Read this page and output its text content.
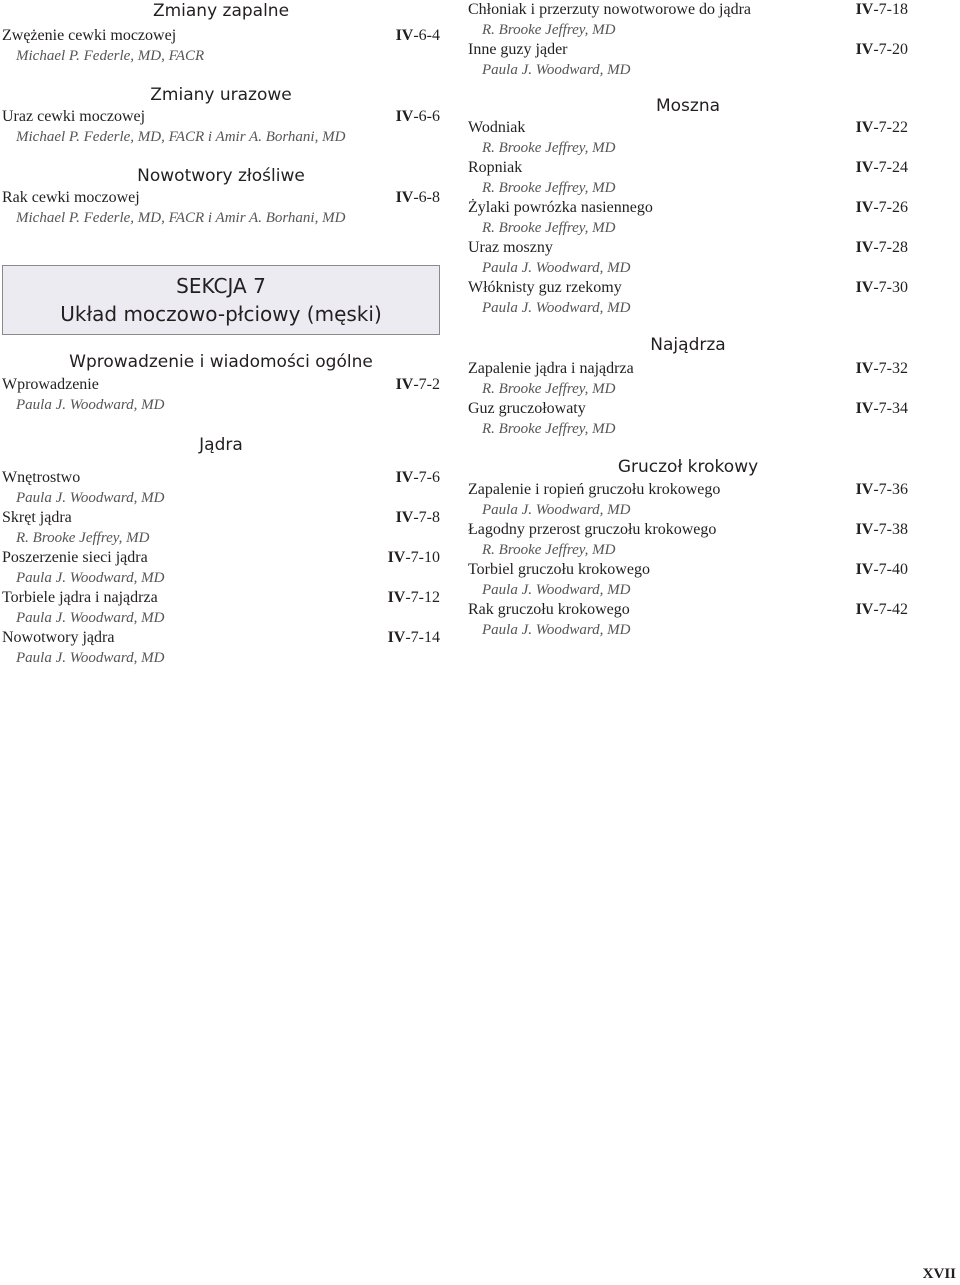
Zmiany zapalne
Zwężenie cewki moczowej	IV-6-4
Michael P. Federle, MD, FACR
Zmiany urazowe
Uraz cewki moczowej	IV-6-6
Michael P. Federle, MD, FACR i Amir A. Borhani, MD
Nowotwory złośliwe
Rak cewki moczowej	IV-6-8
Michael P. Federle, MD, FACR i Amir A. Borhani, MD
SEKCJA 7
Układ moczowo-płciowy (męski)
Wprowadzenie i wiadomości ogólne
Wprowadzenie	IV-7-2
Paula J. Woodward, MD
Jądra
Wnętrostwo	IV-7-6
Paula J. Woodward, MD
Skręt jądra	IV-7-8
R. Brooke Jeffrey, MD
Poszerzenie sieci jądra	IV-7-10
Paula J. Woodward, MD
Torbiele jądra i najądrza	IV-7-12
Paula J. Woodward, MD
Nowotwory jądra	IV-7-14
Paula J. Woodward, MD
Chłoniak i przerzuty nowotworowe do jądra	IV-7-18
R. Brooke Jeffrey, MD
Inne guzy jąder	IV-7-20
Paula J. Woodward, MD
Moszna
Wodniak	IV-7-22
R. Brooke Jeffrey, MD
Ropniak	IV-7-24
R. Brooke Jeffrey, MD
Żylaki powrózka nasiennego	IV-7-26
R. Brooke Jeffrey, MD
Uraz moszny	IV-7-28
Paula J. Woodward, MD
Włóknisty guz rzekomy	IV-7-30
Paula J. Woodward, MD
Najądrza
Zapalenie jądra i najądrza	IV-7-32
R. Brooke Jeffrey, MD
Guz gruczołowaty	IV-7-34
R. Brooke Jeffrey, MD
Gruczoł krokowy
Zapalenie i ropień gruczołu krokowego	IV-7-36
Paula J. Woodward, MD
Łagodny przerost gruczołu krokowego	IV-7-38
R. Brooke Jeffrey, MD
Torbiel gruczołu krokowego	IV-7-40
Paula J. Woodward, MD
Rak gruczołu krokowego	IV-7-42
Paula J. Woodward, MD
XVII
